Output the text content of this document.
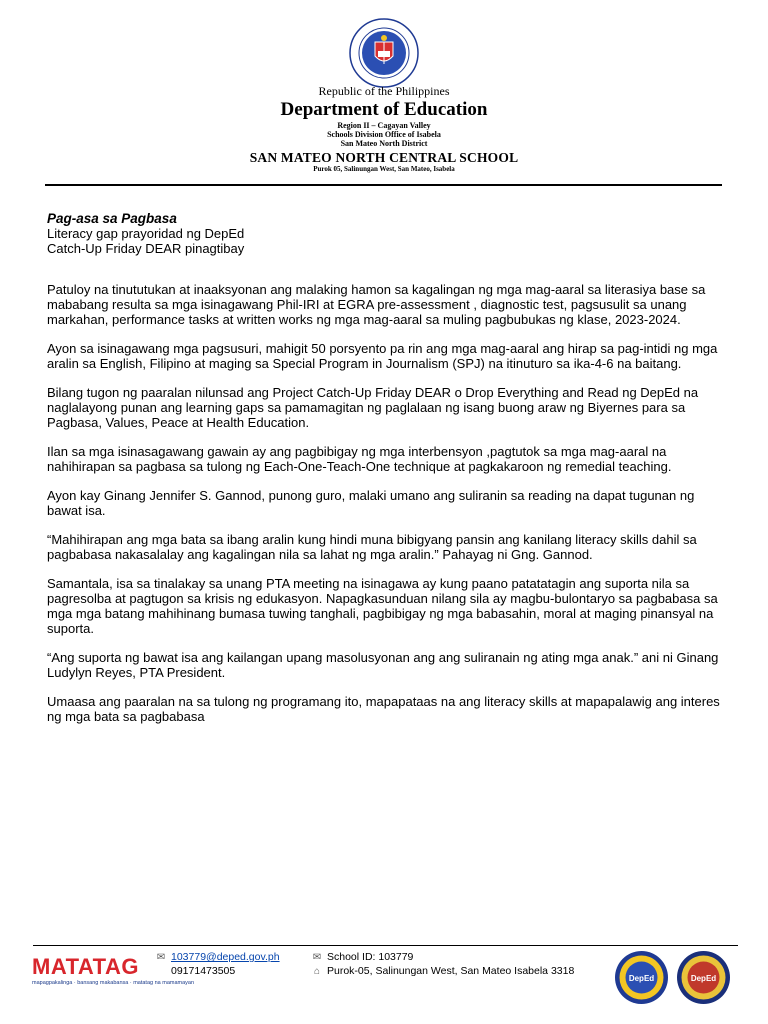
Republic of the Philippines
Department of Education
Region II – Cagayan Valley
Schools Division Office of Isabela
San Mateo North District
SAN MATEO NORTH CENTRAL SCHOOL
Purok 05, Salinungan West, San Mateo, Isabela
Pag-asa sa Pagbasa
Literacy gap prayoridad ng DepEd
Catch-Up Friday DEAR pinagtibay

Patuloy na tinututukan at inaaksyonan ang malaking hamon sa kagalingan ng mga mag-aaral sa literasiya base sa mababang resulta sa mga isinagawang Phil-IRI at EGRA pre-assessment , diagnostic test, pagsusulit sa unang markahan, performance tasks at written works ng mga mag-aaral sa muling pagbubukas ng klase, 2023-2024.

Ayon sa isinagawang mga pagsusuri, mahigit 50 porsyento pa rin ang mga mag-aaral ang hirap sa pag-intidi ng mga aralin sa English, Filipino at maging sa Special Program in Journalism (SPJ) na itinuturo sa ika-4-6 na baitang.

Bilang tugon ng paaralan nilunsad ang Project Catch-Up Friday DEAR o Drop Everything and Read ng DepEd na naglalayong punan ang learning gaps sa pamamagitan ng paglalaan ng isang buong araw ng Biyernes para sa Pagbasa, Values, Peace at Health Education.

Ilan sa mga isinasagawang gawain ay ang pagbibigay ng mga interbensyon ,pagtutok sa mga mag-aaral na nahihirapan sa pagbasa sa tulong ng Each-One-Teach-One technique at pagkakaroon ng remedial teaching.

Ayon kay Ginang Jennifer S. Gannod, punong guro, malaki umano ang suliranin sa reading na dapat tugunan ng bawat isa.

“Mahihirapan ang mga bata sa ibang aralin kung hindi muna bibigyang pansin ang kanilang literacy skills dahil sa pagbabasa nakasalalay ang kagalingan nila sa lahat ng mga aralin.” Pahayag ni Gng. Gannod.

Samantala, isa sa tinalakay sa unang PTA meeting na isinagawa ay kung paano patatatagin ang suporta nila sa pagresolba at pagtugon sa krisis ng edukasyon. Napagkasunduan nilang sila ay magbu-bulontaryo sa pagbabasa sa mga mga batang mahihinang bumasa tuwing tanghali, pagbibigay ng mga babasahin, moral at maging pinansyal na suporta.

“Ang suporta ng bawat isa ang kailangan upang masolusyonan ang ang suliranain ng ating mga anak.” ani ni Ginang Ludylyn Reyes, PTA President.

Umaasa ang paaralan na sa tulong ng programang ito, mapapataas na ang literacy skills at mapapalawig ang interes ng mga bata sa pagbabasa

MATATAG
mapagpakalinga · bansang makabansa · matatag na mamamayan
✉ 103779@deped.gov.ph
09171473505
✉ School ID: 103779
⌂ Purok-05, Salinungan West, San Mateo Isabela 3318
DepEd	DepEd
